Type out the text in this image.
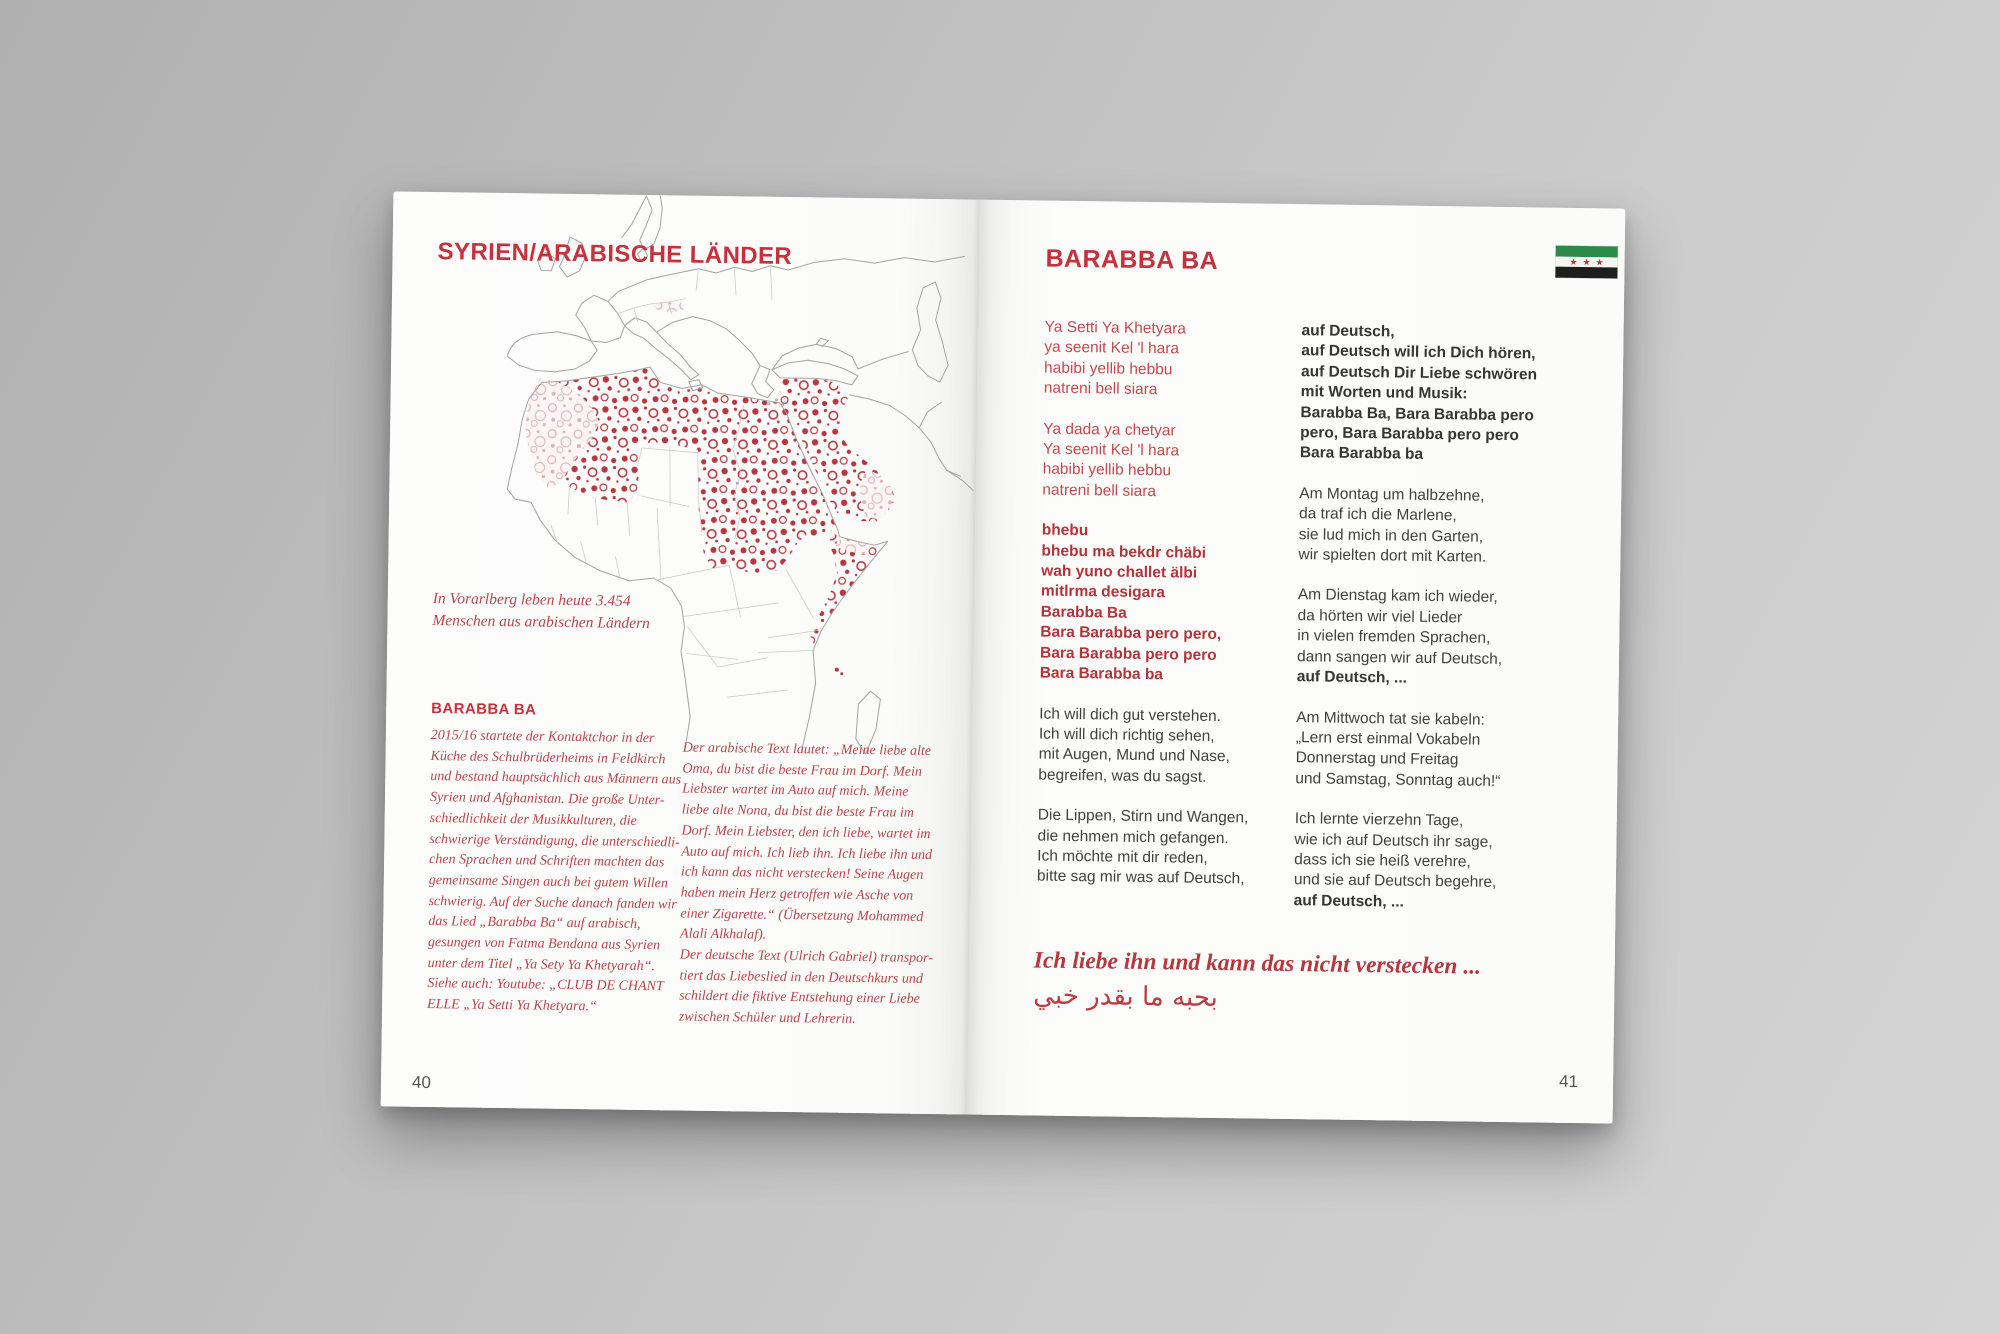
SYRIEN/ARABISCHE LÄNDER
In Vorarlberg leben heute 3.454
Menschen aus arabischen Ländern
BARABBA BA

2015/16 startete der Kontaktchor in der
Küche des Schulbrüderheims in Feldkirch
und bestand hauptsächlich aus Männern aus
Syrien und Afghanistan. Die große Unter-
schiedlichkeit der Musikkulturen, die
schwierige Verständigung, die unterschiedli-
chen Sprachen und Schriften machten das
gemeinsame Singen auch bei gutem Willen
schwierig. Auf der Suche danach fanden wir
das Lied „Barabba Ba“ auf arabisch,
gesungen von Fatma Bendana aus Syrien
unter dem Titel „Ya Sety Ya Khetyarah“.
Siehe auch: Youtube: „CLUB DE CHANT
ELLE „Ya Setti Ya Khetyara.“

Der arabische Text lautet: „Meine liebe alte
Oma, du bist die beste Frau im Dorf. Mein
Liebster wartet im Auto auf mich. Meine
liebe alte Nona, du bist die beste Frau im
Dorf. Mein Liebster, den ich liebe, wartet im
Auto auf mich. Ich lieb ihn. Ich liebe ihn und
ich kann das nicht verstecken! Seine Augen
haben mein Herz getroffen wie Asche von
einer Zigarette.“ (Übersetzung Mohammed
Alali Alkhalaf).
Der deutsche Text (Ulrich Gabriel) transpor-
tiert das Liebeslied in den Deutschkurs und
schildert die fiktive Entstehung einer Liebe
zwischen Schüler und Lehrerin.

40
BARABBA BA	★★★
Ya Setti Ya Khetyara
ya seenit Kel 'l hara
habibi yellib hebbu
natreni bell siara
Ya dada ya chetyar
Ya seenit Kel 'l hara
habibi yellib hebbu
natreni bell siara
bhebu
bhebu ma bekdr chäbi
wah yuno challet älbi
mitlrma desigara
Barabba Ba
Bara Barabba pero pero,
Bara Barabba pero pero
Bara Barabba ba
Ich will dich gut verstehen.
Ich will dich richtig sehen,
mit Augen, Mund und Nase,
begreifen, was du sagst.
Die Lippen, Stirn und Wangen,
die nehmen mich gefangen.
Ich möchte mit dir reden,
bitte sag mir was auf Deutsch,
auf Deutsch,
auf Deutsch will ich Dich hören,
auf Deutsch Dir Liebe schwören
mit Worten und Musik:
Barabba Ba, Bara Barabba pero
pero, Bara Barabba pero pero
Bara Barabba ba
Am Montag um halbzehne,
da traf ich die Marlene,
sie lud mich in den Garten,
wir spielten dort mit Karten.
Am Dienstag kam ich wieder,
da hörten wir viel Lieder
in vielen fremden Sprachen,
dann sangen wir auf Deutsch,
auf Deutsch, ...
Am Mittwoch tat sie kabeln:
„Lern erst einmal Vokabeln
Donnerstag und Freitag
und Samstag, Sonntag auch!“
Ich lernte vierzehn Tage,
wie ich auf Deutsch ihr sage,
dass ich sie heiß verehre,
und sie auf Deutsch begehre,
auf Deutsch, ...
Ich liebe ihn und kann das nicht verstecken ...
بحبه ما بقدر خبي
41
